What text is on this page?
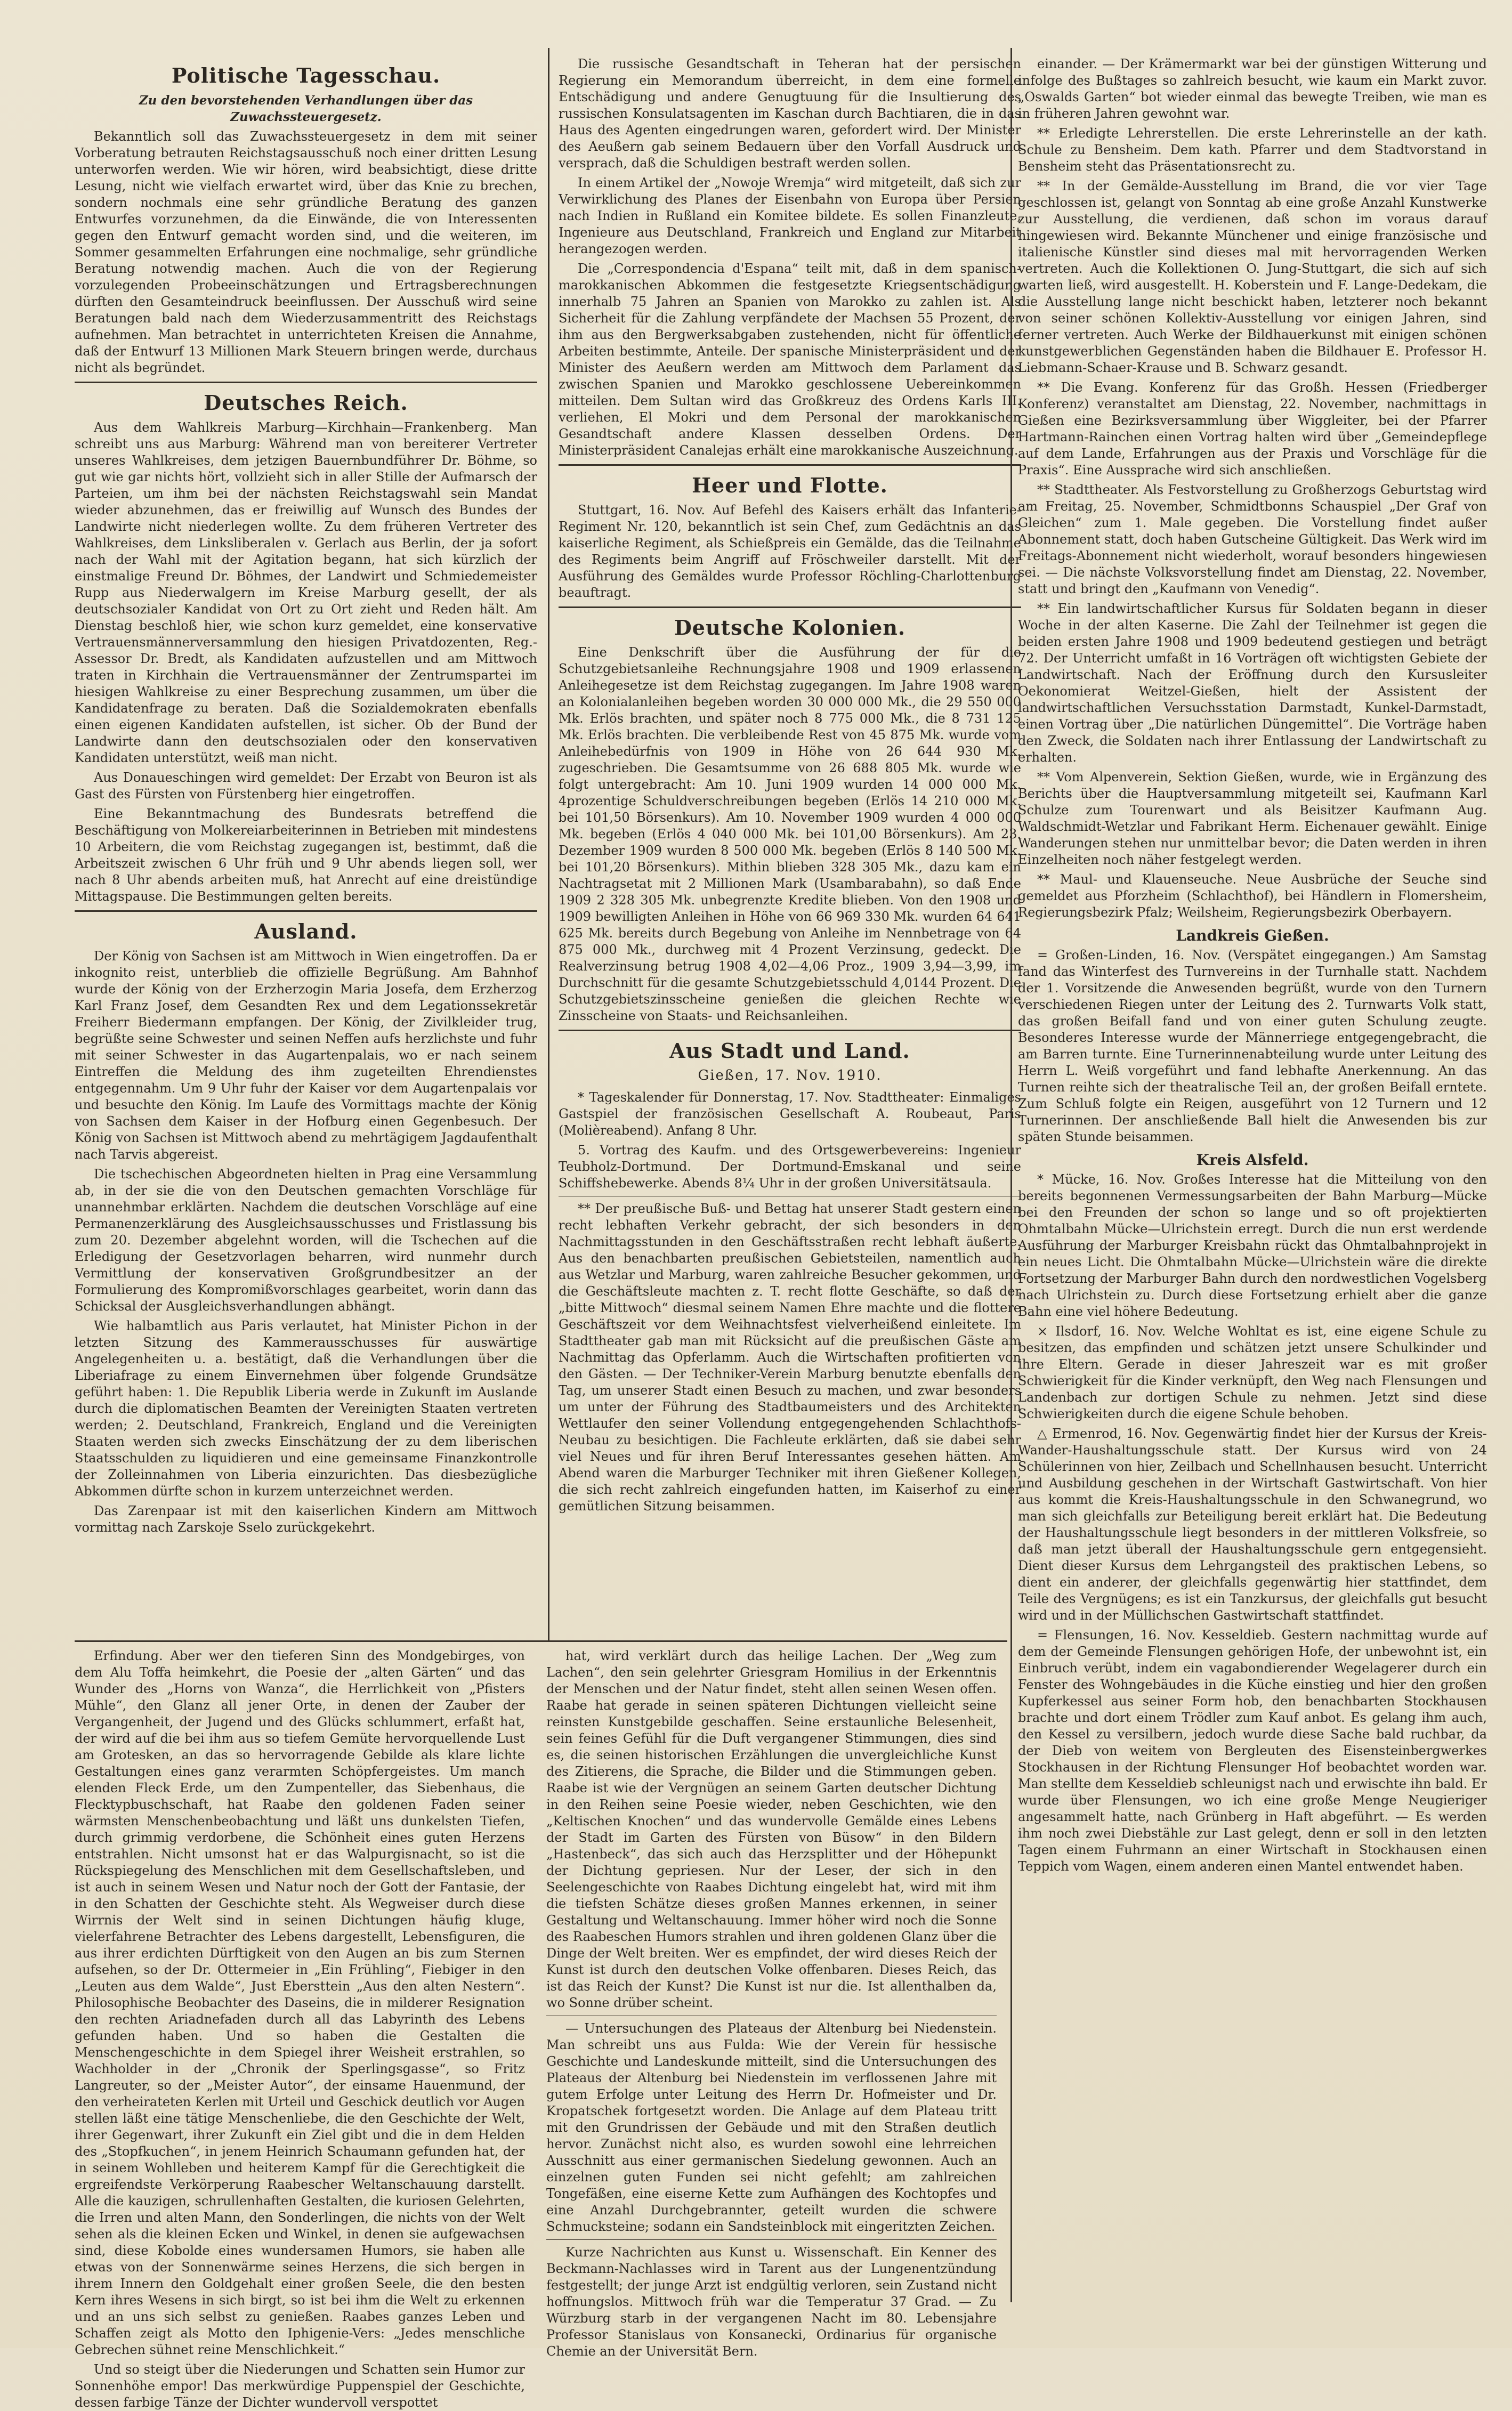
Politische Tagesschau.
Zu den bevorstehenden Verhandlungen über das Zuwachssteuergesetz.

Bekanntlich soll das Zuwachssteuergesetz in dem mit seiner Vorberatung betrauten Reichstagsausschuß noch einer dritten Lesung unterworfen werden. Wie wir hören, wird beabsichtigt, diese dritte Lesung, nicht wie vielfach erwartet wird, über das Knie zu brechen, sondern nochmals eine sehr gründliche Beratung des ganzen Entwurfes vorzunehmen, da die Einwände, die von Interessenten gegen den Entwurf gemacht worden sind, und die weiteren, im Sommer gesammelten Erfahrungen eine nochmalige, sehr gründliche Beratung notwendig machen. Auch die von der Regierung vorzulegenden Probeeinschätzungen und Ertragsberechnungen dürften den Gesamteindruck beeinflussen. Der Ausschuß wird seine Beratungen bald nach dem Wiederzusammentritt des Reichstags aufnehmen. Man betrachtet in unterrichteten Kreisen die Annahme, daß der Entwurf 13 Millionen Mark Steuern bringen werde, durchaus nicht als begründet.

Deutsches Reich.

Aus dem Wahlkreis Marburg—Kirchhain—Frankenberg. Man schreibt uns aus Marburg: Während man von bereiterer Vertreter unseres Wahlkreises, dem jetzigen Bauernbundführer Dr. Böhme, so gut wie gar nichts hört, vollzieht sich in aller Stille der Aufmarsch der Parteien, um ihm bei der nächsten Reichstagswahl sein Mandat wieder abzunehmen, das er freiwillig auf Wunsch des Bundes der Landwirte nicht niederlegen wollte. Zu dem früheren Vertreter des Wahlkreises, dem Linksliberalen v. Gerlach aus Berlin, der ja sofort nach der Wahl mit der Agitation begann, hat sich kürzlich der einstmalige Freund Dr. Böhmes, der Landwirt und Schmiedemeister Rupp aus Niederwalgern im Kreise Marburg gesellt, der als deutschsozialer Kandidat von Ort zu Ort zieht und Reden hält. Am Dienstag beschloß hier, wie schon kurz gemeldet, eine konservative Vertrauensmännerversammlung den hiesigen Privatdozenten, Reg.-Assessor Dr. Bredt, als Kandidaten aufzustellen und am Mittwoch traten in Kirchhain die Vertrauensmänner der Zentrumspartei im hiesigen Wahlkreise zu einer Besprechung zusammen, um über die Kandidatenfrage zu beraten. Daß die Sozialdemokraten ebenfalls einen eigenen Kandidaten aufstellen, ist sicher. Ob der Bund der Landwirte dann den deutschsozialen oder den konservativen Kandidaten unterstützt, weiß man nicht.

Aus Donaueschingen wird gemeldet: Der Erzabt von Beuron ist als Gast des Fürsten von Fürstenberg hier eingetroffen.

Eine Bekanntmachung des Bundesrats betreffend die Beschäftigung von Molkereiarbeiterinnen in Betrieben mit mindestens 10 Arbeitern, die vom Reichstag zugegangen ist, bestimmt, daß die Arbeitszeit zwischen 6 Uhr früh und 9 Uhr abends liegen soll, wer nach 8 Uhr abends arbeiten muß, hat Anrecht auf eine dreistündige Mittagspause. Die Bestimmungen gelten bereits.

Ausland.

Der König von Sachsen ist am Mittwoch in Wien eingetroffen. Da er inkognito reist, unterblieb die offizielle Begrüßung. Am Bahnhof wurde der König von der Erzherzogin Maria Josefa, dem Erzherzog Karl Franz Josef, dem Gesandten Rex und dem Legationssekretär Freiherr Biedermann empfangen. Der König, der Zivilkleider trug, begrüßte seine Schwester und seinen Neffen aufs herzlichste und fuhr mit seiner Schwester in das Augartenpalais, wo er nach seinem Eintreffen die Meldung des ihm zugeteilten Ehrendienstes entgegennahm. Um 9 Uhr fuhr der Kaiser vor dem Augartenpalais vor und besuchte den König. Im Laufe des Vormittags machte der König von Sachsen dem Kaiser in der Hofburg einen Gegenbesuch. Der König von Sachsen ist Mittwoch abend zu mehrtägigem Jagdaufenthalt nach Tarvis abgereist.

Die tschechischen Abgeordneten hielten in Prag eine Versammlung ab, in der sie die von den Deutschen gemachten Vorschläge für unannehmbar erklärten. Nachdem die deutschen Vorschläge auf eine Permanenzerklärung des Ausgleichsausschusses und Fristlassung bis zum 20. Dezember abgelehnt worden, will die Tschechen auf die Erledigung der Gesetzvorlagen beharren, wird nunmehr durch Vermittlung der konservativen Großgrundbesitzer an der Formulierung des Kompromißvorschlages gearbeitet, worin dann das Schicksal der Ausgleichsverhandlungen abhängt.

Wie halbamtlich aus Paris verlautet, hat Minister Pichon in der letzten Sitzung des Kammerausschusses für auswärtige Angelegenheiten u. a. bestätigt, daß die Verhandlungen über die Liberiafrage zu einem Einvernehmen über folgende Grundsätze geführt haben: 1. Die Republik Liberia werde in Zukunft im Auslande durch die diplomatischen Beamten der Vereinigten Staaten vertreten werden; 2. Deutschland, Frankreich, England und die Vereinigten Staaten werden sich zwecks Einschätzung der zu dem liberischen Staatsschulden zu liquidieren und eine gemeinsame Finanzkontrolle der Zolleinnahmen von Liberia einzurichten. Das diesbezügliche Abkommen dürfte schon in kurzem unterzeichnet werden.

Das Zarenpaar ist mit den kaiserlichen Kindern am Mittwoch vormittag nach Zarskoje Sselo zurückgekehrt.

Die russische Gesandtschaft in Teheran hat der persischen Regierung ein Memorandum überreicht, in dem eine formelle Entschädigung und andere Genugtuung für die Insultierung des russischen Konsulatsagenten im Kaschan durch Bachtiaren, die in das Haus des Agenten eingedrungen waren, gefordert wird. Der Minister des Aeußern gab seinem Bedauern über den Vorfall Ausdruck und versprach, daß die Schuldigen bestraft werden sollen.

In einem Artikel der „Nowoje Wremja“ wird mitgeteilt, daß sich zur Verwirklichung des Planes der Eisenbahn von Europa über Persien nach Indien in Rußland ein Komitee bildete. Es sollen Finanzleute, Ingenieure aus Deutschland, Frankreich und England zur Mitarbeit herangezogen werden.

Die „Correspondencia d'Espana“ teilt mit, daß in dem spanisch-marokkanischen Abkommen die festgesetzte Kriegsentschädigung innerhalb 75 Jahren an Spanien von Marokko zu zahlen ist. Als Sicherheit für die Zahlung verpfändete der Machsen 55 Prozent, der ihm aus den Bergwerksabgaben zustehenden, nicht für öffentliche Arbeiten bestimmte, Anteile. Der spanische Ministerpräsident und der Minister des Aeußern werden am Mittwoch dem Parlament das zwischen Spanien und Marokko geschlossene Uebereinkommen mitteilen. Dem Sultan wird das Großkreuz des Ordens Karls III. verliehen, El Mokri und dem Personal der marokkanischen Gesandtschaft andere Klassen desselben Ordens. Der Ministerpräsident Canalejas erhält eine marokkanische Auszeichnung.

Heer und Flotte.

Stuttgart, 16. Nov. Auf Befehl des Kaisers erhält das Infanterie-Regiment Nr. 120, bekanntlich ist sein Chef, zum Gedächtnis an das kaiserliche Regiment, als Schießpreis ein Gemälde, das die Teilnahme des Regiments beim Angriff auf Fröschweiler darstellt. Mit der Ausführung des Gemäldes wurde Professor Röchling-Charlottenburg beauftragt.

Deutsche Kolonien.

Eine Denkschrift über die Ausführung der für die Schutzgebietsanleihe Rechnungsjahre 1908 und 1909 erlassenen Anleihegesetze ist dem Reichstag zugegangen. Im Jahre 1908 waren an Kolonialanleihen begeben worden 30 000 000 Mk., die 29 550 000 Mk. Erlös brachten, und später noch 8 775 000 Mk., die 8 731 125 Mk. Erlös brachten. Die verbleibende Rest von 45 875 Mk. wurde vom Anleihebedürfnis von 1909 in Höhe von 26 644 930 Mk. zugeschrieben. Die Gesamtsumme von 26 688 805 Mk. wurde wie folgt untergebracht: Am 10. Juni 1909 wurden 14 000 000 Mk. 4prozentige Schuldverschreibungen begeben (Erlös 14 210 000 Mk. bei 101,50 Börsenkurs). Am 10. November 1909 wurden 4 000 000 Mk. begeben (Erlös 4 040 000 Mk. bei 101,00 Börsenkurs). Am 23. Dezember 1909 wurden 8 500 000 Mk. begeben (Erlös 8 140 500 Mk. bei 101,20 Börsenkurs). Mithin blieben 328 305 Mk., dazu kam ein Nachtragsetat mit 2 Millionen Mark (Usambarabahn), so daß Ende 1909 2 328 305 Mk. unbegrenzte Kredite blieben. Von den 1908 und 1909 bewilligten Anleihen in Höhe von 66 969 330 Mk. wurden 64 641 625 Mk. bereits durch Begebung von Anleihe im Nennbetrage von 64 875 000 Mk., durchweg mit 4 Prozent Verzinsung, gedeckt. Die Realverzinsung betrug 1908 4,02—4,06 Proz., 1909 3,94—3,99, im Durchschnitt für die gesamte Schutzgebietsschuld 4,0144 Prozent. Die Schutzgebietszinsscheine genießen die gleichen Rechte wie Zinsscheine von Staats- und Reichsanleihen.

Aus Stadt und Land.
Gießen, 17. Nov. 1910.

* Tageskalender für Donnerstag, 17. Nov. Stadttheater: Einmaliges Gastspiel der französischen Gesellschaft A. Roubeaut, Paris (Molièreabend). Anfang 8 Uhr.

5. Vortrag des Kaufm. und des Ortsgewerbevereins: Ingenieur Teubholz-Dortmund. Der Dortmund-Emskanal und seine Schiffshebewerke. Abends 8¼ Uhr in der großen Universitätsaula.

** Der preußische Buß- und Bettag hat unserer Stadt gestern einen recht lebhaften Verkehr gebracht, der sich besonders in den Nachmittagsstunden in den Geschäftsstraßen recht lebhaft äußerte. Aus den benachbarten preußischen Gebietsteilen, namentlich auch aus Wetzlar und Marburg, waren zahlreiche Besucher gekommen, und die Geschäftsleute machten z. T. recht flotte Geschäfte, so daß der „bitte Mittwoch“ diesmal seinem Namen Ehre machte und die flottere Geschäftszeit vor dem Weihnachtsfest vielverheißend einleitete. Im Stadttheater gab man mit Rücksicht auf die preußischen Gäste am Nachmittag das Opferlamm. Auch die Wirtschaften profitierten von den Gästen. — Der Techniker-Verein Marburg benutzte ebenfalls den Tag, um unserer Stadt einen Besuch zu machen, und zwar besonders um unter der Führung des Stadtbaumeisters und des Architekten Wettlaufer den seiner Vollendung entgegengehenden Schlachthofs-Neubau zu besichtigen. Die Fachleute erklärten, daß sie dabei sehr viel Neues und für ihren Beruf Interessantes gesehen hätten. Am Abend waren die Marburger Techniker mit ihren Gießener Kollegen, die sich recht zahlreich eingefunden hatten, im Kaiserhof zu einer gemütlichen Sitzung beisammen.

einander. — Der Krämermarkt war bei der günstigen Witterung und infolge des Bußtages so zahlreich besucht, wie kaum ein Markt zuvor. „Oswalds Garten“ bot wieder einmal das bewegte Treiben, wie man es in früheren Jahren gewohnt war.

** Erledigte Lehrerstellen. Die erste Lehrerinstelle an der kath. Schule zu Bensheim. Dem kath. Pfarrer und dem Stadtvorstand in Bensheim steht das Präsentationsrecht zu.

** In der Gemälde-Ausstellung im Brand, die vor vier Tage geschlossen ist, gelangt von Sonntag ab eine große Anzahl Kunstwerke zur Ausstellung, die verdienen, daß schon im voraus darauf hingewiesen wird. Bekannte Münchener und einige französische und italienische Künstler sind dieses mal mit hervorragenden Werken vertreten. Auch die Kollektionen O. Jung-Stuttgart, die sich auf sich warten ließ, wird ausgestellt. H. Koberstein und F. Lange-Dedekam, die die Ausstellung lange nicht beschickt haben, letzterer noch bekannt von seiner schönen Kollektiv-Ausstellung vor einigen Jahren, sind ferner vertreten. Auch Werke der Bildhauerkunst mit einigen schönen kunstgewerblichen Gegenständen haben die Bildhauer E. Professor H. Liebmann-Schaer-Krause und B. Schwarz gesandt.

** Die Evang. Konferenz für das Großh. Hessen (Friedberger Konferenz) veranstaltet am Dienstag, 22. November, nachmittags in Gießen eine Bezirksversammlung über Wiggleiter, bei der Pfarrer Hartmann-Rainchen einen Vortrag halten wird über „Gemeindepflege auf dem Lande, Erfahrungen aus der Praxis und Vorschläge für die Praxis“. Eine Aussprache wird sich anschließen.

** Stadttheater. Als Festvorstellung zu Großherzogs Geburtstag wird am Freitag, 25. November, Schmidtbonns Schauspiel „Der Graf von Gleichen“ zum 1. Male gegeben. Die Vorstellung findet außer Abonnement statt, doch haben Gutscheine Gültigkeit. Das Werk wird im Freitags-Abonnement nicht wiederholt, worauf besonders hingewiesen sei. — Die nächste Volksvorstellung findet am Dienstag, 22. November, statt und bringt den „Kaufmann von Venedig“.

** Ein landwirtschaftlicher Kursus für Soldaten begann in dieser Woche in der alten Kaserne. Die Zahl der Teilnehmer ist gegen die beiden ersten Jahre 1908 und 1909 bedeutend gestiegen und beträgt 72. Der Unterricht umfaßt in 16 Vorträgen oft wichtigsten Gebiete der Landwirtschaft. Nach der Eröffnung durch den Kursusleiter Oekonomierat Weitzel-Gießen, hielt der Assistent der landwirtschaftlichen Versuchsstation Darmstadt, Kunkel-Darmstadt, einen Vortrag über „Die natürlichen Düngemittel“. Die Vorträge haben den Zweck, die Soldaten nach ihrer Entlassung der Landwirtschaft zu erhalten.

** Vom Alpenverein, Sektion Gießen, wurde, wie in Ergänzung des Berichts über die Hauptversammlung mitgeteilt sei, Kaufmann Karl Schulze zum Tourenwart und als Beisitzer Kaufmann Aug. Waldschmidt-Wetzlar und Fabrikant Herm. Eichenauer gewählt. Einige Wanderungen stehen nur unmittelbar bevor; die Daten werden in ihren Einzelheiten noch näher festgelegt werden.

** Maul- und Klauenseuche. Neue Ausbrüche der Seuche sind gemeldet aus Pforzheim (Schlachthof), bei Händlern in Flomersheim, Regierungsbezirk Pfalz; Weilsheim, Regierungsbezirk Oberbayern.

Landkreis Gießen.

= Großen-Linden, 16. Nov. (Verspätet eingegangen.) Am Samstag fand das Winterfest des Turnvereins in der Turnhalle statt. Nachdem der 1. Vorsitzende die Anwesenden begrüßt, wurde von den Turnern verschiedenen Riegen unter der Leitung des 2. Turnwarts Volk statt, das großen Beifall fand und von einer guten Schulung zeugte. Besonderes Interesse wurde der Männerriege entgegengebracht, die am Barren turnte. Eine Turnerinnenabteilung wurde unter Leitung des Herrn L. Weiß vorgeführt und fand lebhafte Anerkennung. An das Turnen reihte sich der theatralische Teil an, der großen Beifall erntete. Zum Schluß folgte ein Reigen, ausgeführt von 12 Turnern und 12 Turnerinnen. Der anschließende Ball hielt die Anwesenden bis zur späten Stunde beisammen.

Kreis Alsfeld.

* Mücke, 16. Nov. Großes Interesse hat die Mitteilung von den bereits begonnenen Vermessungsarbeiten der Bahn Marburg—Mücke bei den Freunden der schon so lange und so oft projektierten Ohmtalbahn Mücke—Ulrichstein erregt. Durch die nun erst werdende Ausführung der Marburger Kreisbahn rückt das Ohmtalbahnprojekt in ein neues Licht. Die Ohmtalbahn Mücke—Ulrichstein wäre die direkte Fortsetzung der Marburger Bahn durch den nordwestlichen Vogelsberg nach Ulrichstein zu. Durch diese Fortsetzung erhielt aber die ganze Bahn eine viel höhere Bedeutung.

× Ilsdorf, 16. Nov. Welche Wohltat es ist, eine eigene Schule zu besitzen, das empfinden und schätzen jetzt unsere Schulkinder und ihre Eltern. Gerade in dieser Jahreszeit war es mit großer Schwierigkeit für die Kinder verknüpft, den Weg nach Flensungen und Landenbach zur dortigen Schule zu nehmen. Jetzt sind diese Schwierigkeiten durch die eigene Schule behoben.

△ Ermenrod, 16. Nov. Gegenwärtig findet hier der Kursus der Kreis-Wander-Haushaltungsschule statt. Der Kursus wird von 24 Schülerinnen von hier, Zeilbach und Schellnhausen besucht. Unterricht und Ausbildung geschehen in der Wirtschaft Gastwirtschaft. Von hier aus kommt die Kreis-Haushaltungsschule in den Schwanegrund, wo man sich gleichfalls zur Beteiligung bereit erklärt hat. Die Bedeutung der Haushaltungsschule liegt besonders in der mittleren Volksfreie, so daß man jetzt überall der Haushaltungsschule gern entgegensieht. Dient dieser Kursus dem Lehrgangsteil des praktischen Lebens, so dient ein anderer, der gleichfalls gegenwärtig hier stattfindet, dem Teile des Vergnügens; es ist ein Tanzkursus, der gleichfalls gut besucht wird und in der Müllichschen Gastwirtschaft stattfindet.

= Flensungen, 16. Nov. Kesseldieb. Gestern nachmittag wurde auf dem der Gemeinde Flensungen gehörigen Hofe, der unbewohnt ist, ein Einbruch verübt, indem ein vagabondierender Wegelagerer durch ein Fenster des Wohngebäudes in die Küche einstieg und hier den großen Kupferkessel aus seiner Form hob, den benachbarten Stockhausen brachte und dort einem Trödler zum Kauf anbot. Es gelang ihm auch, den Kessel zu versilbern, jedoch wurde diese Sache bald ruchbar, da der Dieb von weitem von Bergleuten des Eisensteinbergwerkes Stockhausen in der Richtung Flensunger Hof beobachtet worden war. Man stellte dem Kesseldieb schleunigst nach und erwischte ihn bald. Er wurde über Flensungen, wo ich eine große Menge Neugieriger angesammelt hatte, nach Grünberg in Haft abgeführt. — Es werden ihm noch zwei Diebstähle zur Last gelegt, denn er soll in den letzten Tagen einem Fuhrmann an einer Wirtschaft in Stockhausen einen Teppich vom Wagen, einem anderen einen Mantel entwendet haben.

Erfindung. Aber wer den tieferen Sinn des Mondgebirges, von dem Alu Toffa heimkehrt, die Poesie der „alten Gärten“ und das Wunder des „Horns von Wanza“, die Herrlichkeit von „Pfisters Mühle“, den Glanz all jener Orte, in denen der Zauber der Vergangenheit, der Jugend und des Glücks schlummert, erfaßt hat, der wird auf die bei ihm aus so tiefem Gemüte hervorquellende Lust am Grotesken, an das so hervorragende Gebilde als klare lichte Gestaltungen eines ganz verarmten Schöpfergeistes. Um manch elenden Fleck Erde, um den Zumpenteller, das Siebenhaus, die Flecktypbuschschaft, hat Raabe den goldenen Faden seiner wärmsten Menschenbeobachtung und läßt uns dunkelsten Tiefen, durch grimmig verdorbene, die Schönheit eines guten Herzens entstrahlen. Nicht umsonst hat er das Walpurgisnacht, so ist die Rückspiegelung des Menschlichen mit dem Gesellschaftsleben, und ist auch in seinem Wesen und Natur noch der Gott der Fantasie, der in den Schatten der Geschichte steht. Als Wegweiser durch diese Wirrnis der Welt sind in seinen Dichtungen häufig kluge, vielerfahrene Betrachter des Lebens dargestellt, Lebensfiguren, die aus ihrer erdichten Dürftigkeit von den Augen an bis zum Sternen aufsehen, so der Dr. Ottermeier in „Ein Frühling“, Fiebiger in den „Leuten aus dem Walde“, Just Ebersttein „Aus den alten Nestern“. Philosophische Beobachter des Daseins, die in milderer Resignation den rechten Ariadnefaden durch all das Labyrinth des Lebens gefunden haben. Und so haben die Gestalten die Menschengeschichte in dem Spiegel ihrer Weisheit erstrahlen, so Wachholder in der „Chronik der Sperlingsgasse“, so Fritz Langreuter, so der „Meister Autor“, der einsame Hauenmund, der den verheirateten Kerlen mit Urteil und Geschick deutlich vor Augen stellen läßt eine tätige Menschenliebe, die den Geschichte der Welt, ihrer Gegenwart, ihrer Zukunft ein Ziel gibt und die in dem Helden des „Stopfkuchen“, in jenem Heinrich Schaumann gefunden hat, der in seinem Wohlleben und heiterem Kampf für die Gerechtigkeit die ergreifendste Verkörperung Raabescher Weltanschauung darstellt. Alle die kauzigen, schrullenhaften Gestalten, die kuriosen Gelehrten, die Irren und alten Mann, den Sonderlingen, die nichts von der Welt sehen als die kleinen Ecken und Winkel, in denen sie aufgewachsen sind, diese Kobolde eines wundersamen Humors, sie haben alle etwas von der Sonnenwärme seines Herzens, die sich bergen in ihrem Innern den Goldgehalt einer großen Seele, die den besten Kern ihres Wesens in sich birgt, so ist bei ihm die Welt zu erkennen und an uns sich selbst zu genießen. Raabes ganzes Leben und Schaffen zeigt als Motto den Iphigenie-Vers: „Jedes menschliche Gebrechen sühnet reine Menschlichkeit.“

Und so steigt über die Niederungen und Schatten sein Humor zur Sonnenhöhe empor! Das merkwürdige Puppenspiel der Geschichte, dessen farbige Tänze der Dichter wundervoll verspottet

hat, wird verklärt durch das heilige Lachen. Der „Weg zum Lachen“, den sein gelehrter Griesgram Homilius in der Erkenntnis der Menschen und der Natur findet, steht allen seinen Wesen offen. Raabe hat gerade in seinen späteren Dichtungen vielleicht seine reinsten Kunstgebilde geschaffen. Seine erstaunliche Belesenheit, sein feines Gefühl für die Duft vergangener Stimmungen, dies sind es, die seinen historischen Erzählungen die unvergleichliche Kunst des Zitierens, die Sprache, die Bilder und die Stimmungen geben. Raabe ist wie der Vergnügen an seinem Garten deutscher Dichtung in den Reihen seine Poesie wieder, neben Geschichten, wie den „Keltischen Knochen“ und das wundervolle Gemälde eines Lebens der Stadt im Garten des Fürsten von Büsow“ in den Bildern „Hastenbeck“, das sich auch das Herzsplitter und der Höhepunkt der Dichtung gepriesen. Nur der Leser, der sich in den Seelengeschichte von Raabes Dichtung eingelebt hat, wird mit ihm die tiefsten Schätze dieses großen Mannes erkennen, in seiner Gestaltung und Weltanschauung. Immer höher wird noch die Sonne des Raabeschen Humors strahlen und ihren goldenen Glanz über die Dinge der Welt breiten. Wer es empfindet, der wird dieses Reich der Kunst ist durch den deutschen Volke offenbaren. Dieses Reich, das ist das Reich der Kunst? Die Kunst ist nur die. Ist allenthalben da, wo Sonne drüber scheint.

— Untersuchungen des Plateaus der Altenburg bei Niedenstein. Man schreibt uns aus Fulda: Wie der Verein für hessische Geschichte und Landeskunde mitteilt, sind die Untersuchungen des Plateaus der Altenburg bei Niedenstein im verflossenen Jahre mit gutem Erfolge unter Leitung des Herrn Dr. Hofmeister und Dr. Kropatschek fortgesetzt worden. Die Anlage auf dem Plateau tritt mit den Grundrissen der Gebäude und mit den Straßen deutlich hervor. Zunächst nicht also, es wurden sowohl eine lehrreichen Ausschnitt aus einer germanischen Siedelung gewonnen. Auch an einzelnen guten Funden sei nicht gefehlt; am zahlreichen Tongefäßen, eine eiserne Kette zum Aufhängen des Kochtopfes und eine Anzahl Durchgebrannter, geteilt wurden die schwere Schmucksteine; sodann ein Sandsteinblock mit eingeritzten Zeichen.

Kurze Nachrichten aus Kunst u. Wissenschaft. Ein Kenner des Beckmann-Nachlasses wird in Tarent aus der Lungenentzündung festgestellt; der junge Arzt ist endgültig verloren, sein Zustand nicht hoffnungslos. Mittwoch früh war die Temperatur 37 Grad. — Zu Würzburg starb in der vergangenen Nacht im 80. Lebensjahre Professor Stanislaus von Konsanecki, Ordinarius für organische Chemie an der Universität Bern.
